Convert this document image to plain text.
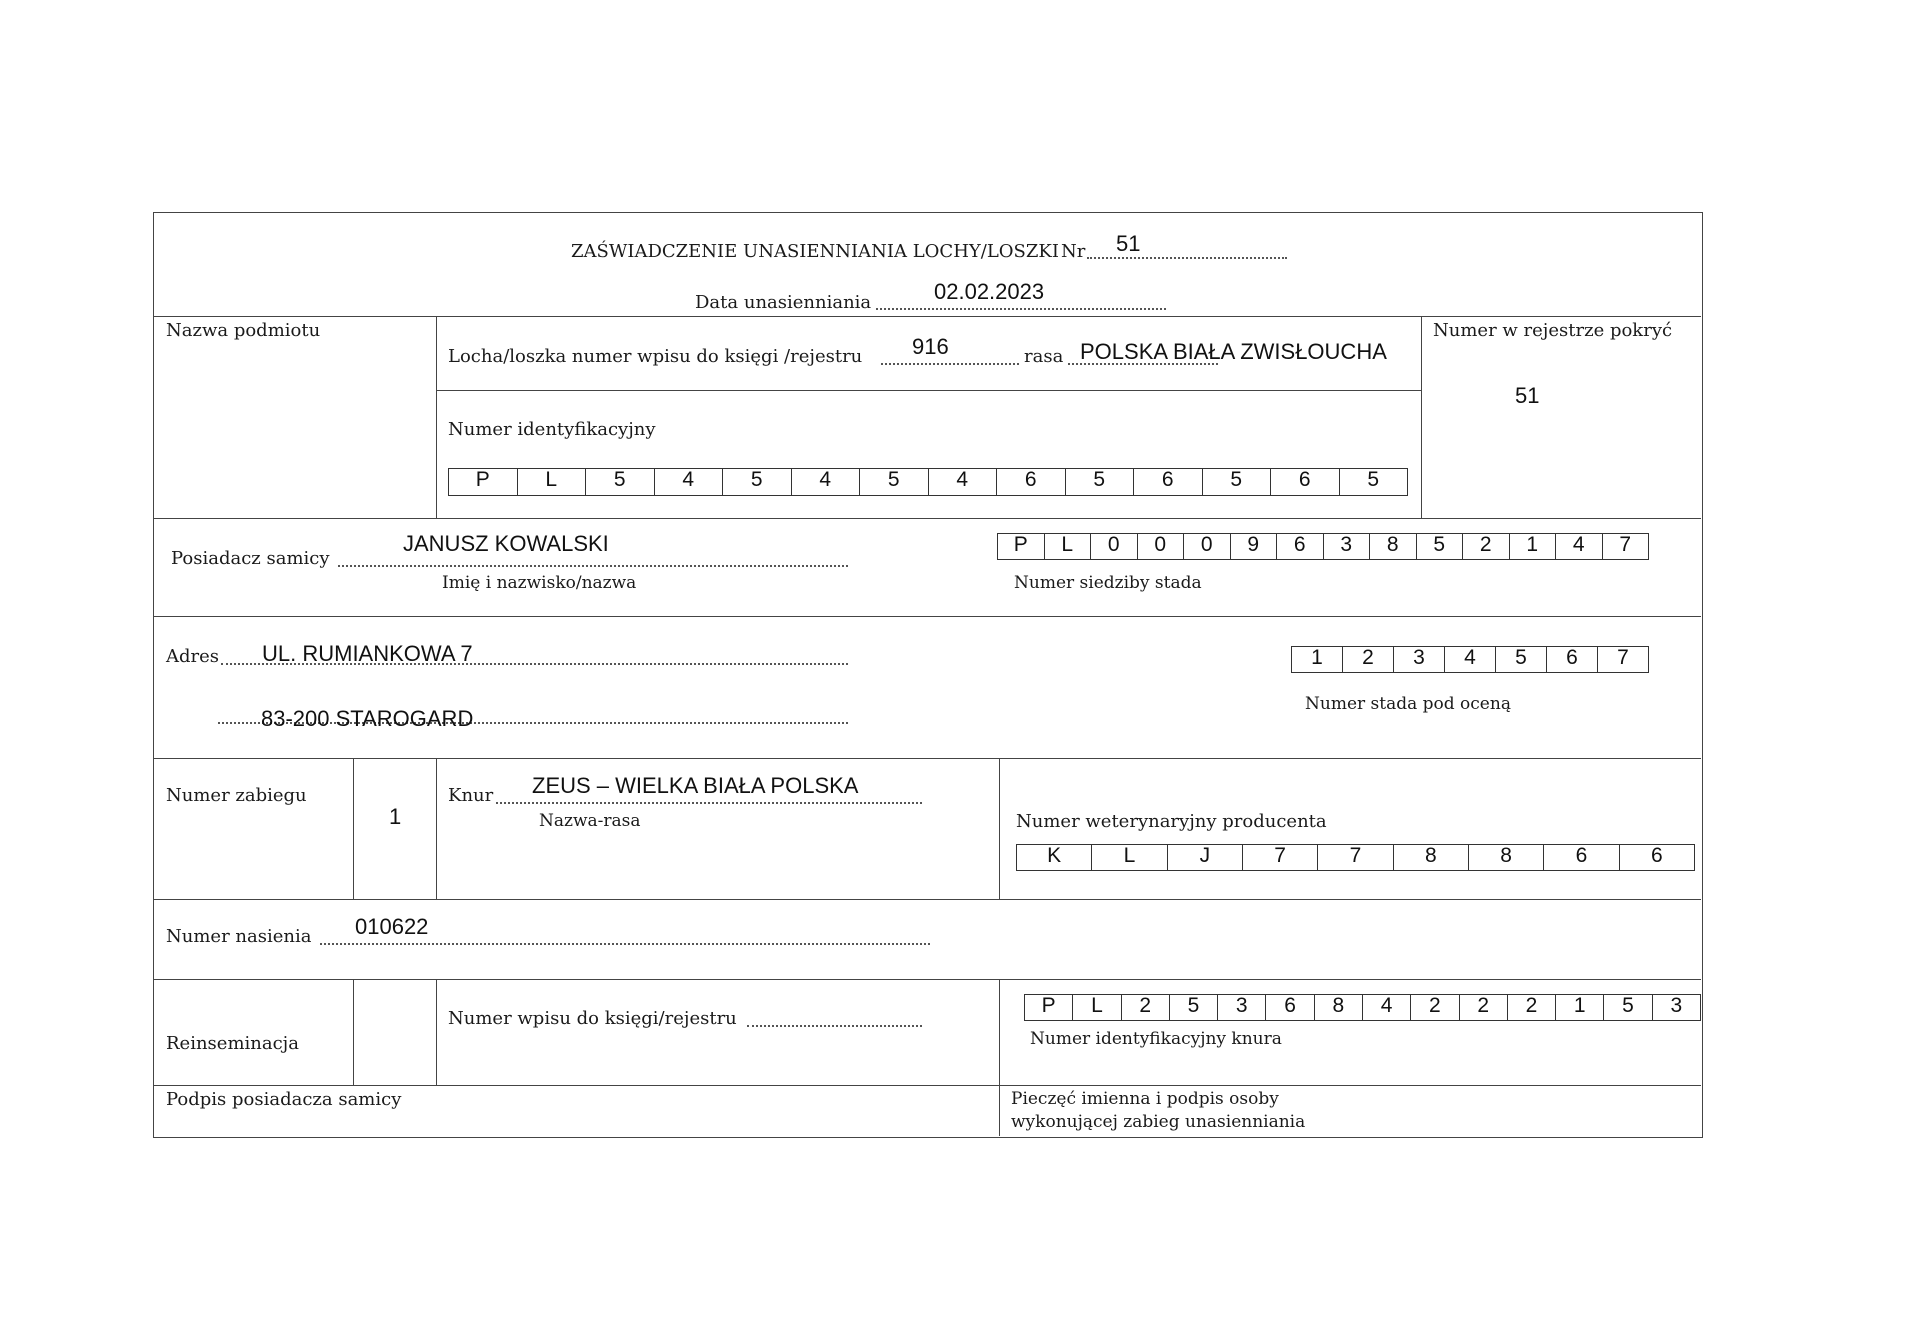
ZAŚWIADCZENIE UNASIENNIANIA LOCHY/LOSZKI Nr 51
Data unasienniania	02.02.2023
Nazwa podmiotu
Locha/loszka numer wpisu do księgi /rejestru 916	rasa POLSKA BIAŁA ZWISŁOUCHA
Numer w rejestrze pokryć
51
Numer identyfikacyjny
P	L	5	4	5	4	5	4	6	5	6	5	6	5
Posiadacz samicy
JANUSZ KOWALSKI
Imię i nazwisko/nazwa
P	L	0	0	0	9	6	3	8	5	2	1	4	7
Numer siedziby stada
Adres UL. RUMIANKOWA 7
83-200 STAROGARD
1	2	3	4	5	6	7
Numer stada pod oceną
Numer zabiegu
1
Knur ZEUS – WIELKA BIAŁA POLSKA
Nazwa-rasa	Numer weterynaryjny producenta
K	L	J	7	7	8	8	6	6
Numer nasienia 010622
Reinseminacja
Numer wpisu do księgi/rejestru
P	L	2	5	3	6	8	4	2	2	2	1	5	3
Numer identyfikacyjny knura
Podpis posiadacza samicy	Pieczęć imienna i podpis osoby
wykonującej zabieg unasienniania
